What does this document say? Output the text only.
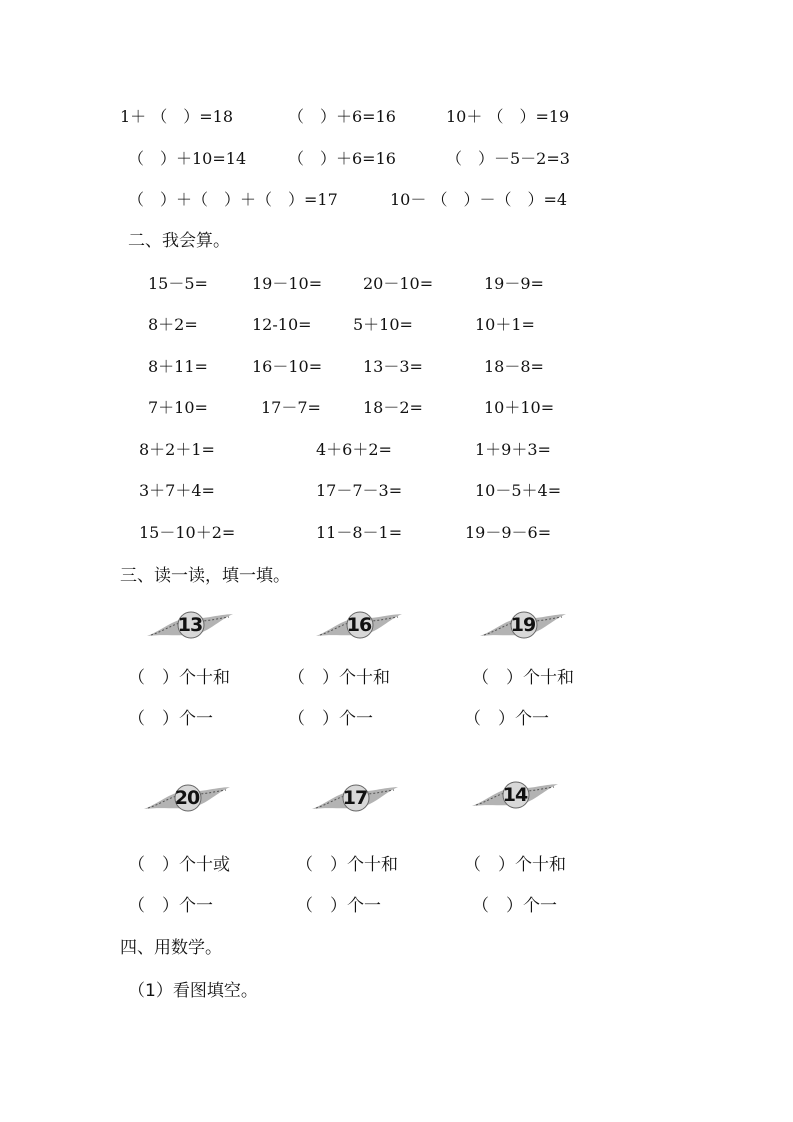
1＋ （　）=18	（　）＋6=16	10＋ （　）=19
（　）＋10=14	（　）＋6=16	（　）－5－2=3
（　）＋（　）＋（　）=17	10－ （　）－（　）=4
二、我会算。
15－5=	19－10=	20－10=	19－9=
8＋2=	12-10=	5＋10=	10＋1=
8＋11=	16－10=	13－3=	18－8=
7＋10=	17－7=	18－2=	10＋10=
8＋2＋1=	4＋6＋2=	1＋9＋3=
3＋7＋4=	17－7－3=	10－5＋4=
15－10＋2=	11－8－1=	19－9－6=
三、读一读，填一填。
13	16	19
（　）个十和	（　）个十和	（　）个十和
（　）个一	（　）个一	（　）个一
20	17	14
（　）个十或	（　）个十和	（　）个十和
（　）个一	（　）个一	（　）个一
四、用数学。
（1）看图填空。
